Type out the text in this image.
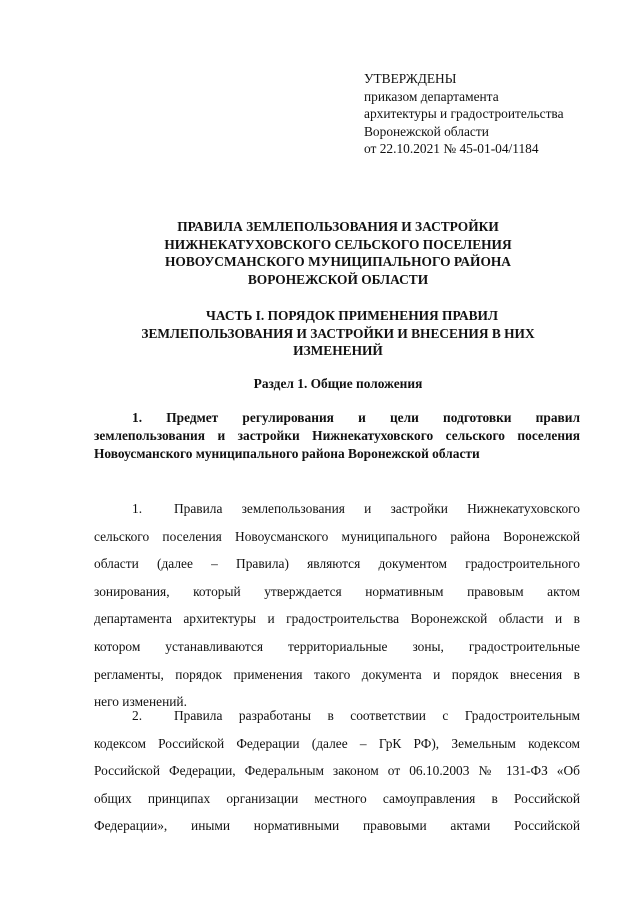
УТВЕРЖДЕНЫ
приказом департамента
архитектуры и градостроительства
Воронежской области
от 22.10.2021 № 45-01-04/1184
ПРАВИЛА ЗЕМЛЕПОЛЬЗОВАНИЯ И ЗАСТРОЙКИ
НИЖНЕКАТУХОВСКОГО СЕЛЬСКОГО ПОСЕЛЕНИЯ
НОВОУСМАНСКОГО МУНИЦИПАЛЬНОГО РАЙОНА
ВОРОНЕЖСКОЙ ОБЛАСТИ
ЧАСТЬ I. ПОРЯДОК ПРИМЕНЕНИЯ ПРАВИЛ
ЗЕМЛЕПОЛЬЗОВАНИЯ И ЗАСТРОЙКИ И ВНЕСЕНИЯ В НИХ
ИЗМЕНЕНИЙ
Раздел 1. Общие положения
1. Предмет регулирования и цели подготовки правил
землепользования и застройки Нижнекатуховского сельского поселения
Новоусманского муниципального района Воронежской области
1. Правила землепользования и застройки Нижнекатуховского
сельского поселения Новоусманского муниципального района Воронежской
области (далее – Правила) являются документом градостроительного
зонирования, который утверждается нормативным правовым актом
департамента архитектуры и градостроительства Воронежской области и в
котором устанавливаются территориальные зоны, градостроительные
регламенты, порядок применения такого документа и порядок внесения в
него изменений.
2. Правила разработаны в соответствии с Градостроительным
кодексом Российской Федерации (далее – ГрК РФ), Земельным кодексом
Российской Федерации, Федеральным законом от 06.10.2003 № 131-ФЗ «Об
общих принципах организации местного самоуправления в Российской
Федерации», иными нормативными правовыми актами Российской
